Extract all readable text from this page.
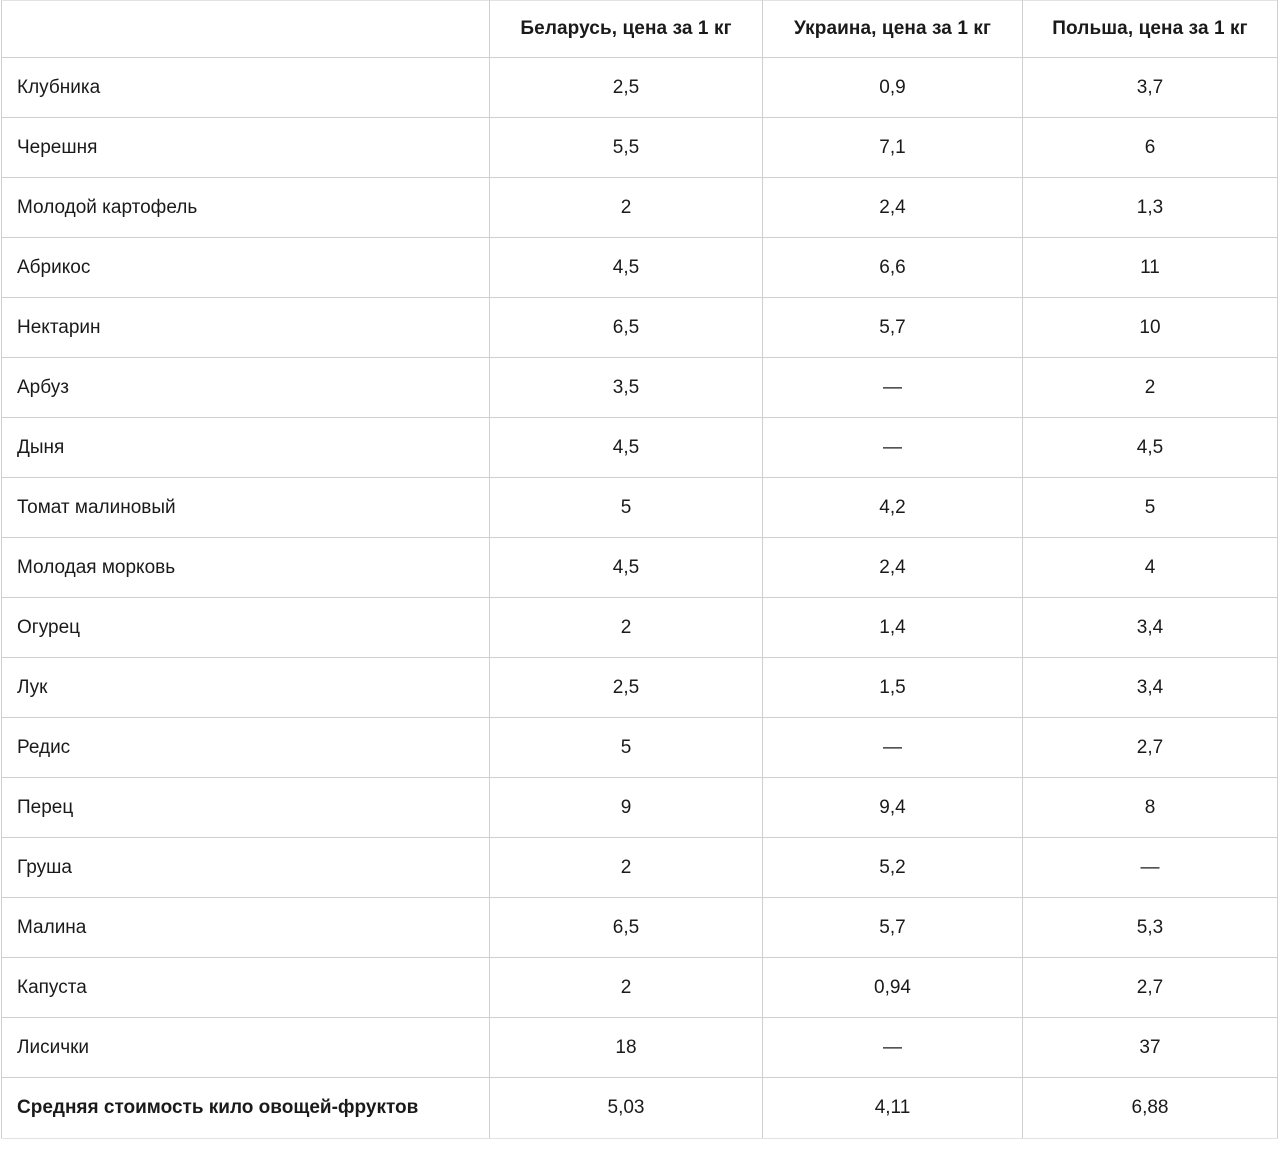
	Беларусь, цена за 1 кг	Украина, цена за 1 кг	Польша, цена за 1 кг
Клубника	2,5	0,9	3,7
Черешня	5,5	7,1	6
Молодой картофель	2	2,4	1,3
Абрикос	4,5	6,6	11
Нектарин	6,5	5,7	10
Арбуз	3,5	—	2
Дыня	4,5	—	4,5
Томат малиновый	5	4,2	5
Молодая морковь	4,5	2,4	4
Огурец	2	1,4	3,4
Лук	2,5	1,5	3,4
Редис	5	—	2,7
Перец	9	9,4	8
Груша	2	5,2	—
Малина	6,5	5,7	5,3
Капуста	2	0,94	2,7
Лисички	18	—	37
Средняя стоимость кило овощей-фруктов	5,03	4,11	6,88
